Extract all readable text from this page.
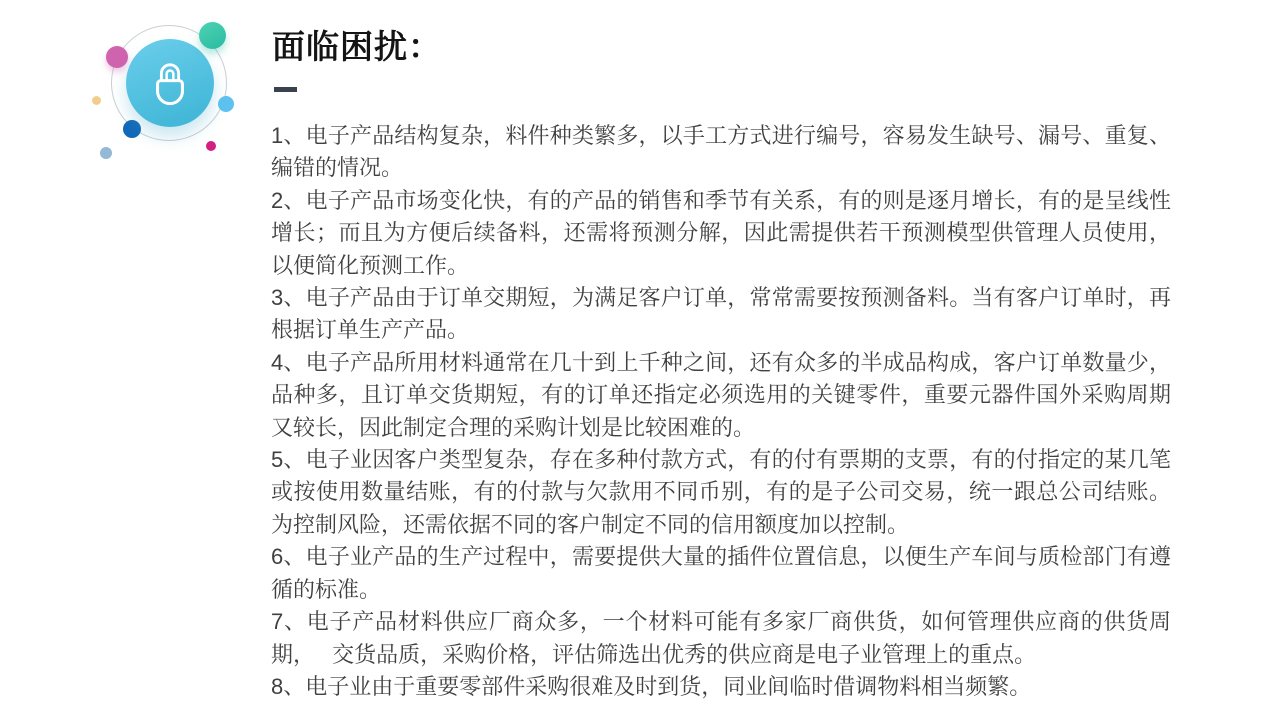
面临困扰：

1、电子产品结构复杂，料件种类繁多，以手工方式进行编号，容易发生缺号、漏号、重复、编错的情况。

2、电子产品市场变化快，有的产品的销售和季节有关系，有的则是逐月增长，有的是呈线性增长；而且为方便后续备料，还需将预测分解，因此需提供若干预测模型供管理人员使用，以便简化预测工作。

3、电子产品由于订单交期短，为满足客户订单，常常需要按预测备料。当有客户订单时，再根据订单生产产品。

4、电子产品所用材料通常在几十到上千种之间，还有众多的半成品构成，客户订单数量少，品种多，且订单交货期短，有的订单还指定必须选用的关键零件，重要元器件国外采购周期又较长，因此制定合理的采购计划是比较困难的。

5、电子业因客户类型复杂，存在多种付款方式，有的付有票期的支票，有的付指定的某几笔或按使用数量结账，有的付款与欠款用不同币别，有的是子公司交易，统一跟总公司结账。为控制风险，还需依据不同的客户制定不同的信用额度加以控制。

6、电子业产品的生产过程中，需要提供大量的插件位置信息，以便生产车间与质检部门有遵循的标准。

7、电子产品材料供应厂商众多，一个材料可能有多家厂商供货，如何管理供应商的供货周期，　 交货品质，采购价格，评估筛选出优秀的供应商是电子业管理上的重点。

8、电子业由于重要零部件采购很难及时到货，同业间临时借调物料相当频繁。
